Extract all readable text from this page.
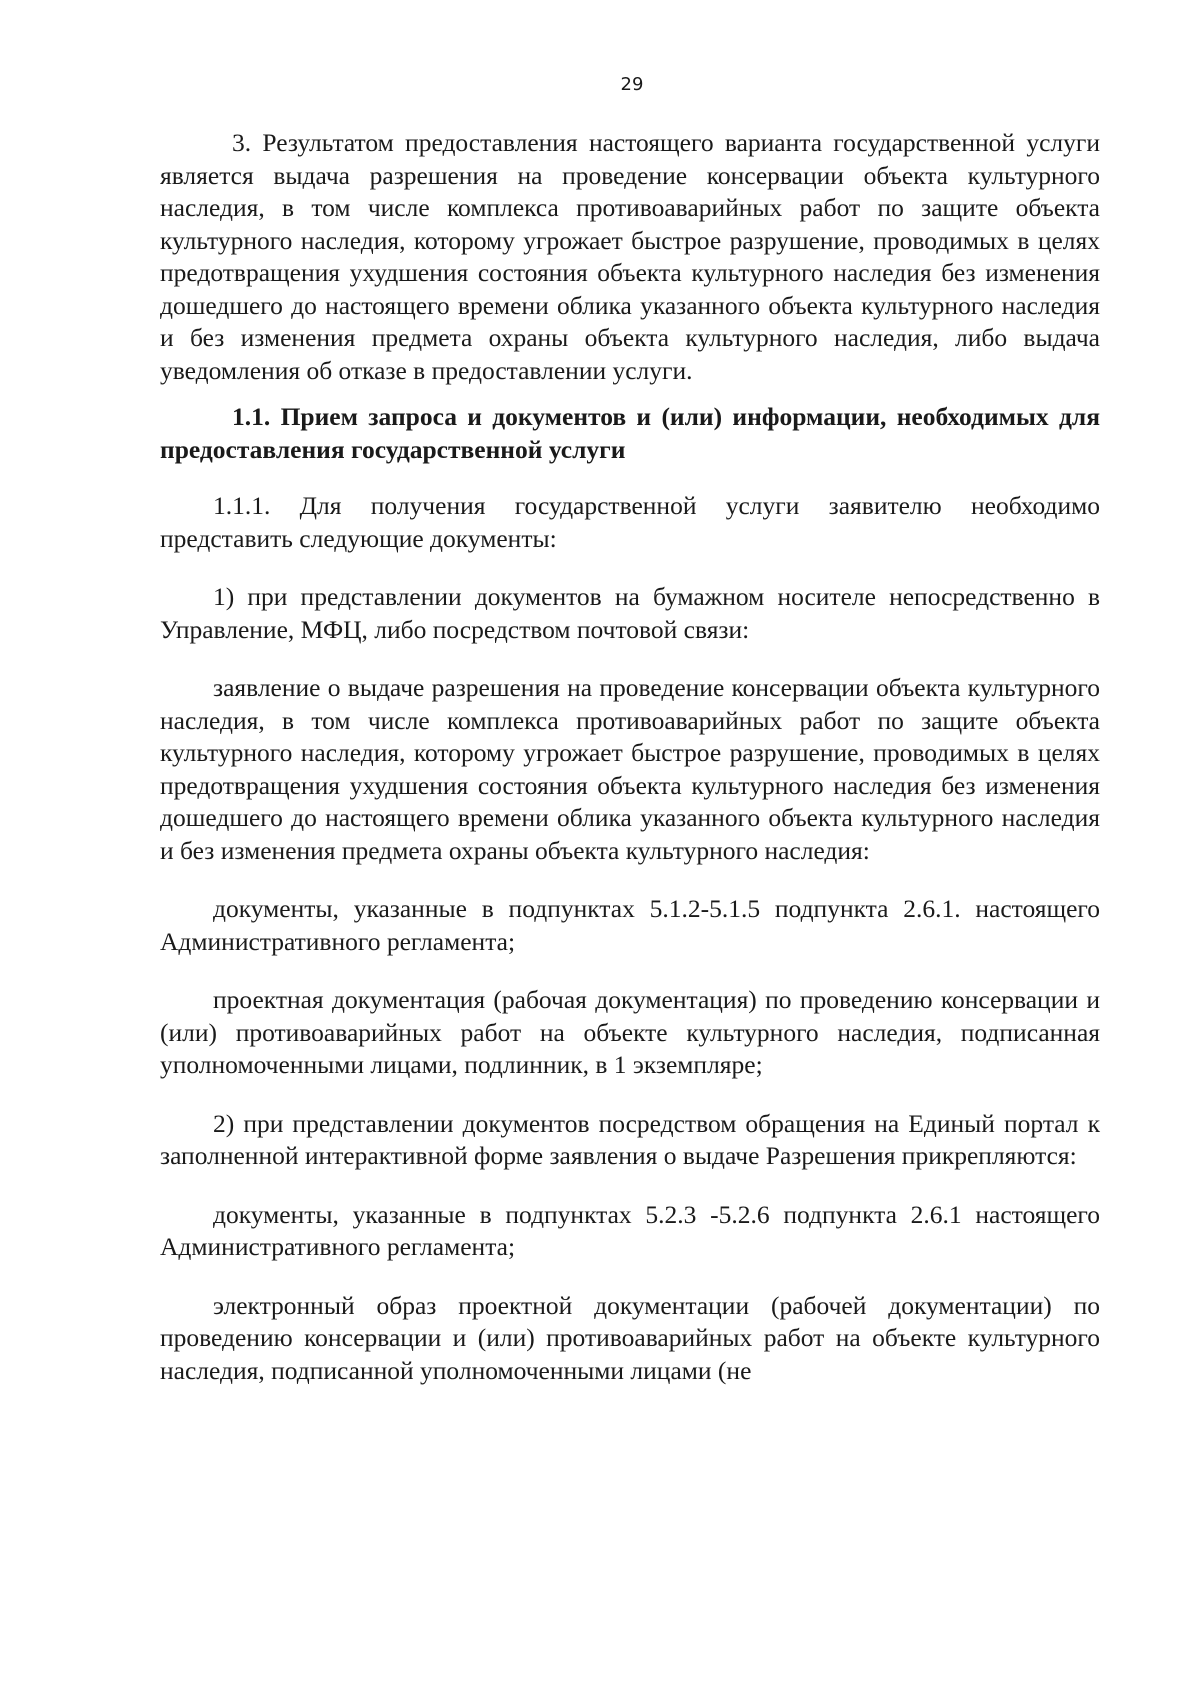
29

3. Результатом предоставления настоящего варианта государственной услуги является выдача разрешения на проведение консервации объекта культурного наследия, в том числе комплекса противоаварийных работ по защите объекта культурного наследия, которому угрожает быстрое разрушение, проводимых в целях предотвращения ухудшения состояния объекта культурного наследия без изменения дошедшего до настоящего времени облика указанного объекта культурного наследия и без изменения предмета охраны объекта культурного наследия, либо выдача уведомления об отказе в предоставлении услуги.

1.1. Прием запроса и документов и (или) информации, необходимых для предоставления государственной услуги

1.1.1. Для получения государственной услуги заявителю необходимо представить следующие документы:

1) при представлении документов на бумажном носителе непосредственно в Управление, МФЦ, либо посредством почтовой связи:

заявление о выдаче разрешения на проведение консервации объекта культурного наследия, в том числе комплекса противоаварийных работ по защите объекта культурного наследия, которому угрожает быстрое разрушение, проводимых в целях предотвращения ухудшения состояния объекта культурного наследия без изменения дошедшего до настоящего времени облика указанного объекта культурного наследия и без изменения предмета охраны объекта культурного наследия:

документы, указанные в подпунктах 5.1.2-5.1.5 подпункта 2.6.1. настоящего Административного регламента;

проектная документация (рабочая документация) по проведению консервации и (или) противоаварийных работ на объекте культурного наследия, подписанная уполномоченными лицами, подлинник, в 1 экземпляре;

2) при представлении документов посредством обращения на Единый портал к заполненной интерактивной форме заявления о выдаче Разрешения прикрепляются:

документы, указанные в подпунктах 5.2.3 -5.2.6 подпункта 2.6.1 настоящего Административного регламента;

электронный образ проектной документации (рабочей документации) по проведению консервации и (или) противоаварийных работ на объекте культурного наследия, подписанной уполномоченными лицами (не
